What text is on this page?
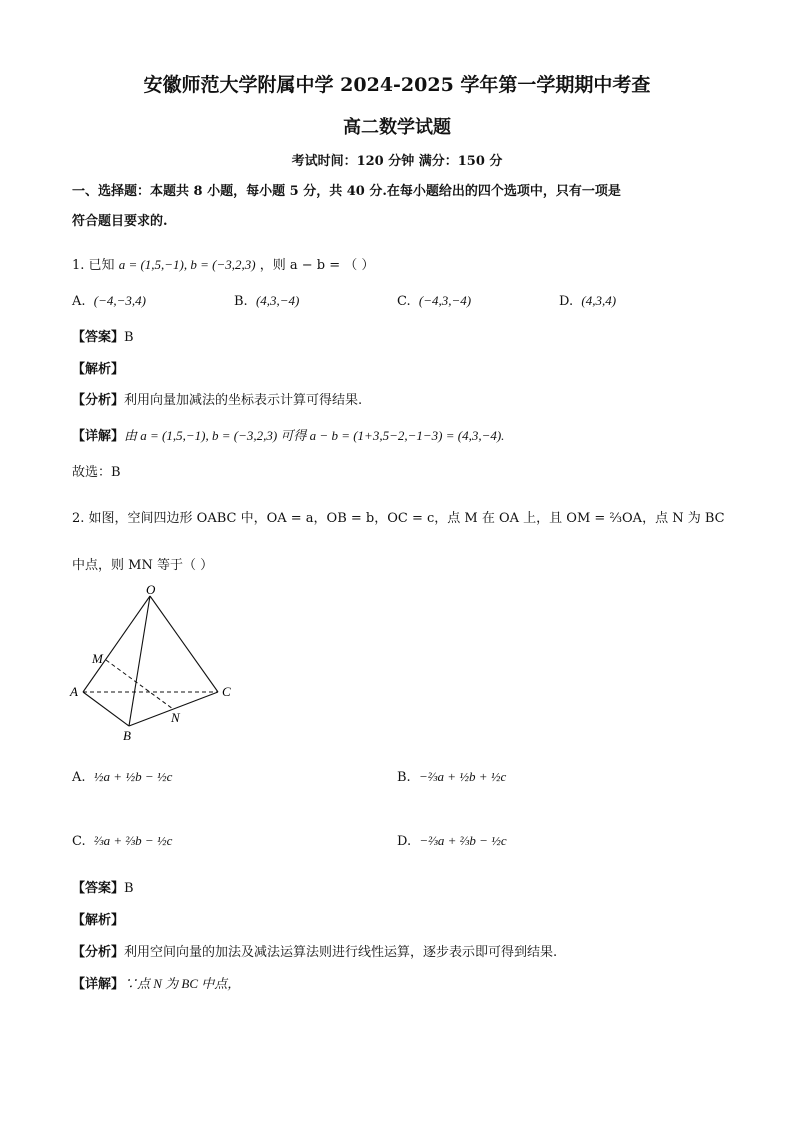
安徽师范大学附属中学 2024-2025 学年第一学期期中考查
高二数学试题
考试时间：120 分钟 满分：150 分
一、选择题：本题共 8 小题，每小题 5 分，共 40 分.在每小题给出的四个选项中，只有一项是
符合题目要求的.
1. 已知 a = (1,5,−1), b = (−3,2,3) ，则 a − b = （ ）
A. (−4,−3,4)	B. (4,3,−4)	C. (−4,3,−4)	D. (4,3,4)
【答案】B
【解析】
【分析】利用向量加减法的坐标表示计算可得结果.
【详解】由 a = (1,5,−1), b = (−3,2,3) 可得 a − b = (1+3,5−2,−1−3) = (4,3,−4).
故选：B
2. 如图，空间四边形 OABC 中，OA = a，OB = b，OC = c，点 M 在 OA 上，且 OM = ⅔OA，点 N 为 BC
中点，则 MN 等于（ ）
O
M
A	C
B
N
A. ½a + ½b − ½c	B. −⅔a + ½b + ½c
C. ⅔a + ⅔b − ½c	D. −⅔a + ⅔b − ½c
【答案】B
【解析】
【分析】利用空间向量的加法及减法运算法则进行线性运算，逐步表示即可得到结果.
【详解】∵点 N 为 BC 中点，
